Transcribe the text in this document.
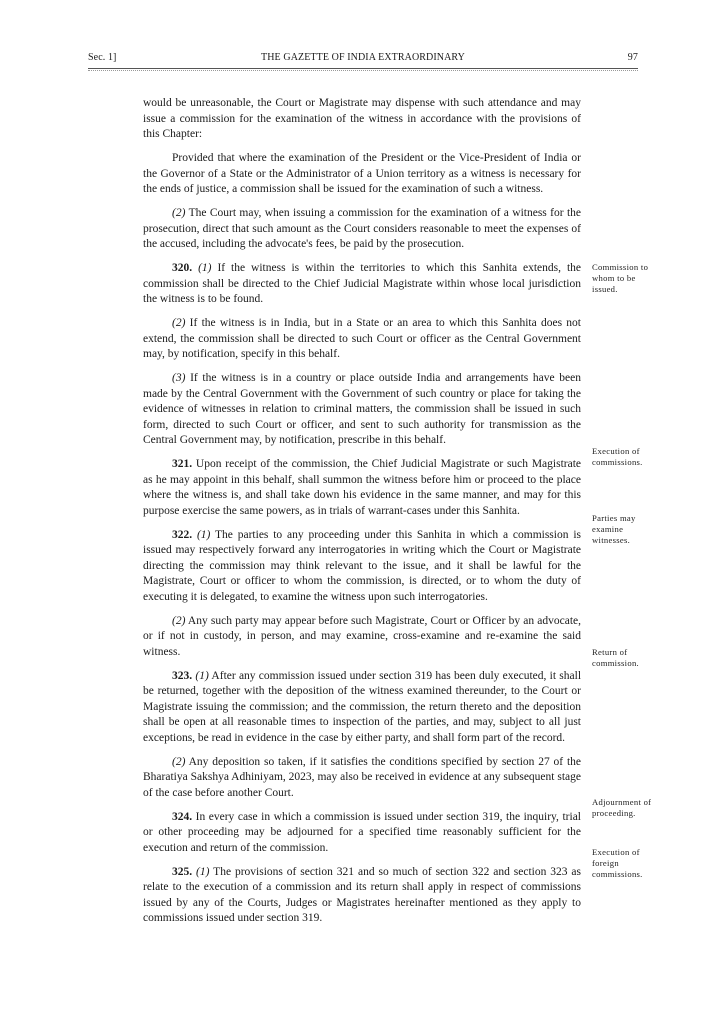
Sec. 1]	THE GAZETTE OF INDIA EXTRAORDINARY	97

would be unreasonable, the Court or Magistrate may dispense with such attendance and may issue a commission for the examination of the witness in accordance with the provisions of this Chapter:

Provided that where the examination of the President or the Vice-President of India or the Governor of a State or the Administrator of a Union territory as a witness is necessary for the ends of justice, a commission shall be issued for the examination of such a witness.

(2) The Court may, when issuing a commission for the examination of a witness for the prosecution, direct that such amount as the Court considers reasonable to meet the expenses of the accused, including the advocate's fees, be paid by the prosecution.

320. (1) If the witness is within the territories to which this Sanhita extends, the commission shall be directed to the Chief Judicial Magistrate within whose local jurisdiction the witness is to be found.

(2) If the witness is in India, but in a State or an area to which this Sanhita does not extend, the commission shall be directed to such Court or officer as the Central Government may, by notification, specify in this behalf.

(3) If the witness is in a country or place outside India and arrangements have been made by the Central Government with the Government of such country or place for taking the evidence of witnesses in relation to criminal matters, the commission shall be issued in such form, directed to such Court or officer, and sent to such authority for transmission as the Central Government may, by notification, prescribe in this behalf.

321. Upon receipt of the commission, the Chief Judicial Magistrate or such Magistrate as he may appoint in this behalf, shall summon the witness before him or proceed to the place where the witness is, and shall take down his evidence in the same manner, and may for this purpose exercise the same powers, as in trials of warrant-cases under this Sanhita.

322. (1) The parties to any proceeding under this Sanhita in which a commission is issued may respectively forward any interrogatories in writing which the Court or Magistrate directing the commission may think relevant to the issue, and it shall be lawful for the Magistrate, Court or officer to whom the commission, is directed, or to whom the duty of executing it is delegated, to examine the witness upon such interrogatories.

(2) Any such party may appear before such Magistrate, Court or Officer by an advocate, or if not in custody, in person, and may examine, cross-examine and re-examine the said witness.

323. (1) After any commission issued under section 319 has been duly executed, it shall be returned, together with the deposition of the witness examined thereunder, to the Court or Magistrate issuing the commission; and the commission, the return thereto and the deposition shall be open at all reasonable times to inspection of the parties, and may, subject to all just exceptions, be read in evidence in the case by either party, and shall form part of the record.

(2) Any deposition so taken, if it satisfies the conditions specified by section 27 of the Bharatiya Sakshya Adhiniyam, 2023, may also be received in evidence at any subsequent stage of the case before another Court.

324. In every case in which a commission is issued under section 319, the inquiry, trial or other proceeding may be adjourned for a specified time reasonably sufficient for the execution and return of the commission.

325. (1) The provisions of section 321 and so much of section 322 and section 323 as relate to the execution of a commission and its return shall apply in respect of commissions issued by any of the Courts, Judges or Magistrates hereinafter mentioned as they apply to commissions issued under section 319.

Commission to whom to be issued.
Execution of commissions.
Parties may examine witnesses.
Return of commission.
Adjournment of proceeding.
Execution of foreign commissions.
